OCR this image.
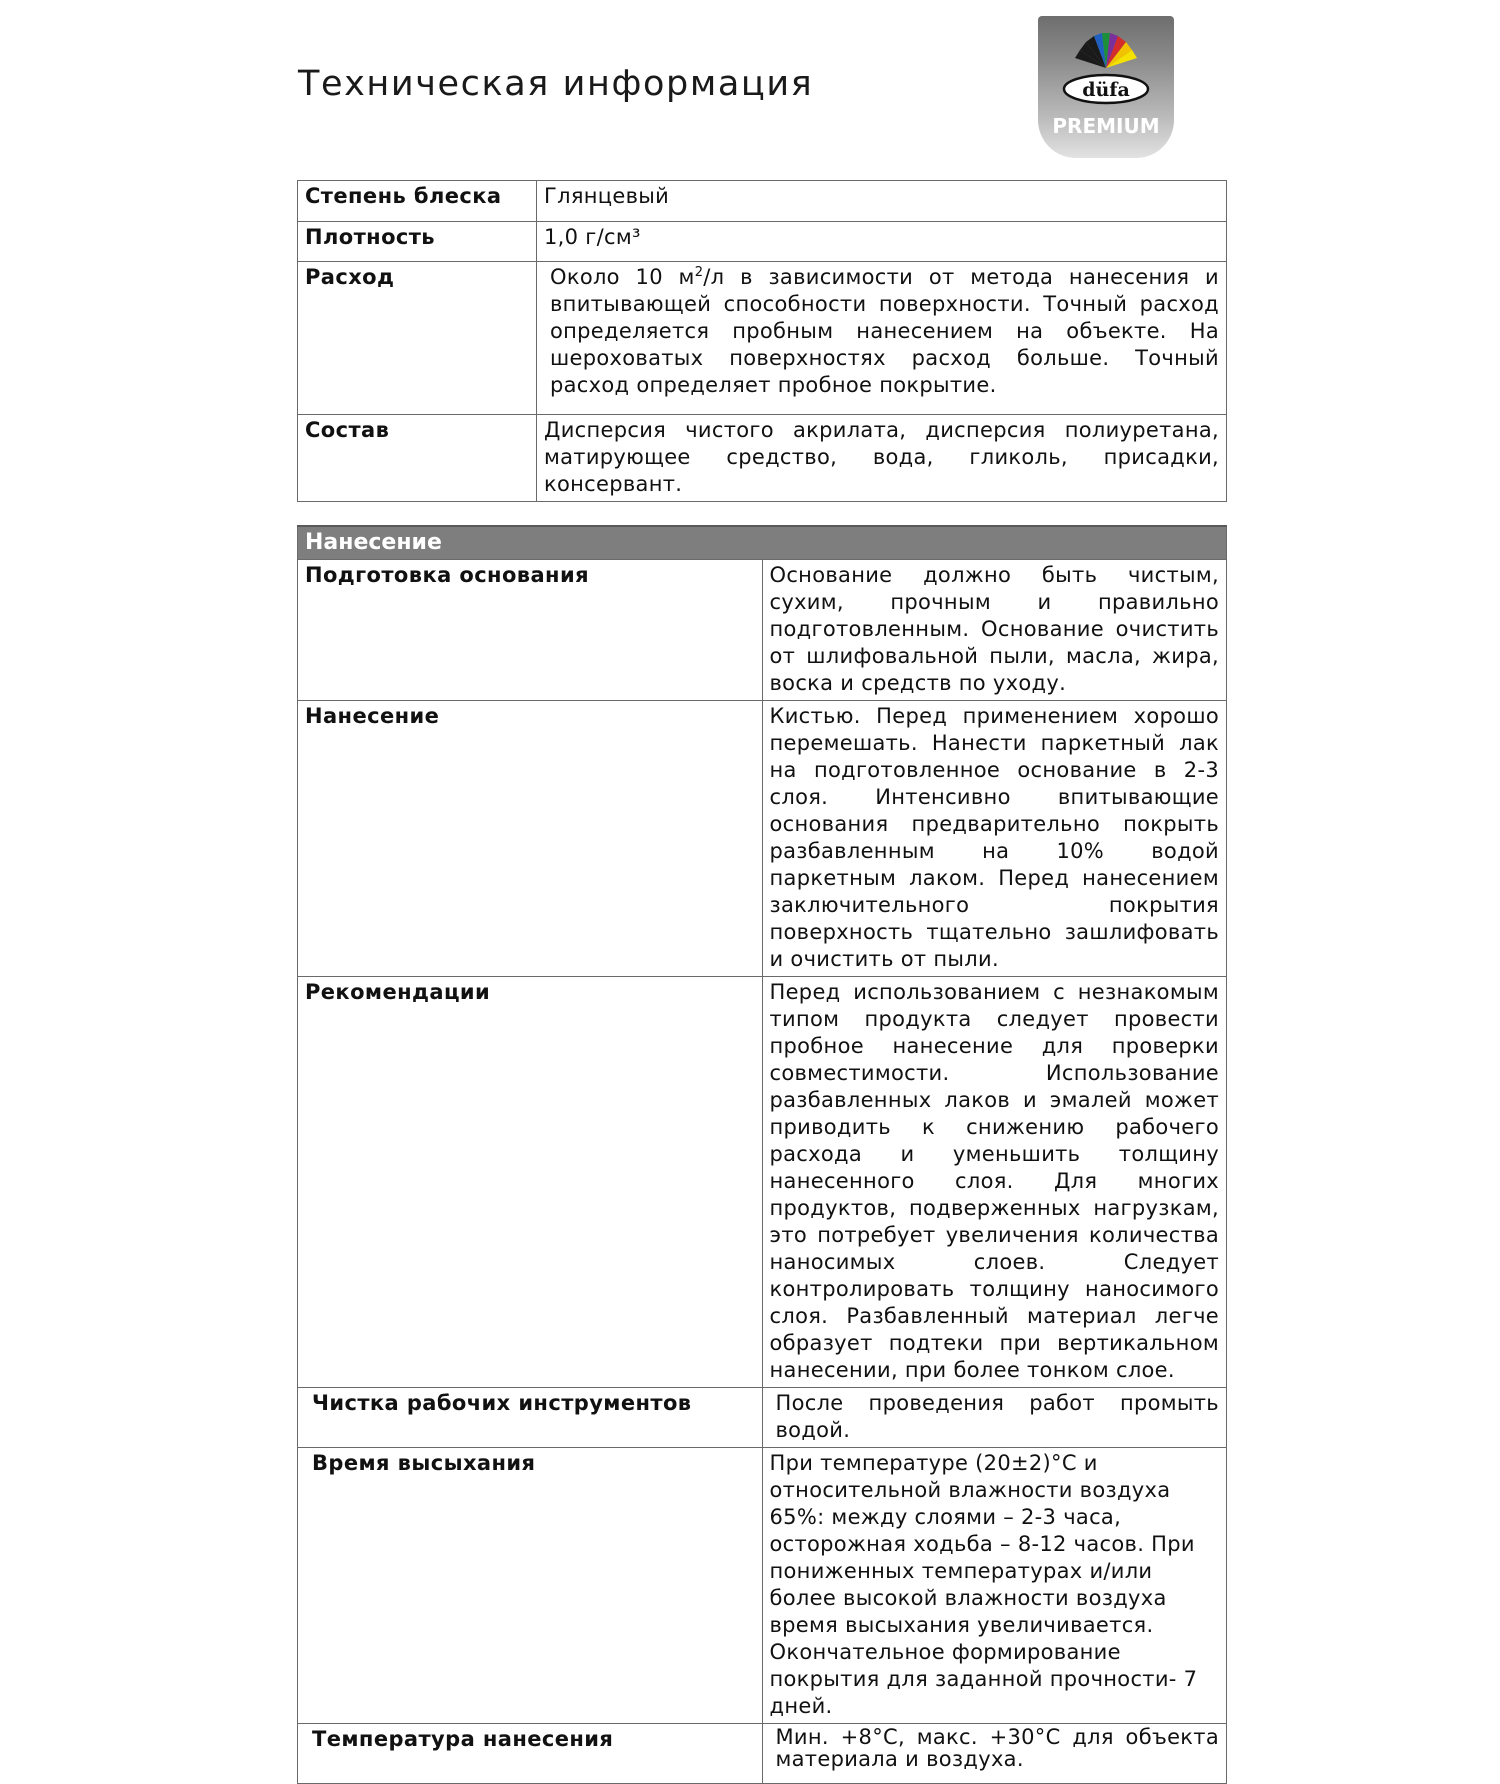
Техническая информация	düfa
PREMIUM
Степень блеска	Глянцевый
Плотность	1,0 г/см³
Расход	Около 10 $м^2/л$ в зависимости от метода нанесения и впитывающей способности поверхности. Точный расход определяется пробным нанесением на объекте. На шероховатых поверхностях расход больше. Точный расход определяет пробное покрытие.
Состав	Дисперсия чистого акрилата, дисперсия полиуретана, матирующее средство, вода, гликоль, присадки, консервант.
Нанесение	
Подготовка основания	Основание должно быть чистым, сухим, прочным и правильно подготовленным. Основание очистить от шлифовальной пыли, масла, жира, воска и средств по уходу.
Нанесение	Кистью. Перед применением хорошо перемешать. Нанести паркетный лак на подготовленное основание в 2-3 слоя. Интенсивно впитывающие основания предварительно покрыть разбавленным на 10% водой паркетным лаком. Перед нанесением заключительного покрытия поверхность тщательно зашлифовать и очистить от пыли.
Рекомендации	Перед использованием с незнакомым типом продукта следует провести пробное нанесение для проверки совместимости. Использование разбавленных лаков и эмалей может приводить к снижению рабочего расхода и уменьшить толщину нанесенного слоя. Для многих продуктов, подверженных нагрузкам, это потребует увеличения количества наносимых слоев. Следует контролировать толщину наносимого слоя. Разбавленный материал легче образует подтеки при вертикальном нанесении, при более тонком слое.
Чистка рабочих инструментов	После проведения работ промыть водой.
Время высыхания	При температуре (20±2)°С и относительной влажности воздуха 65%: между слоями – 2-3 часа, осторожная ходьба – 8-12 часов. При пониженных температурах и/или более высокой влажности воздуха время высыхания увеличивается. Окончательное формирование покрытия для заданной прочности- 7 дней.
Температура нанесения	Мин. +8°С, макс. +30°С для объекта материала и воздуха.
